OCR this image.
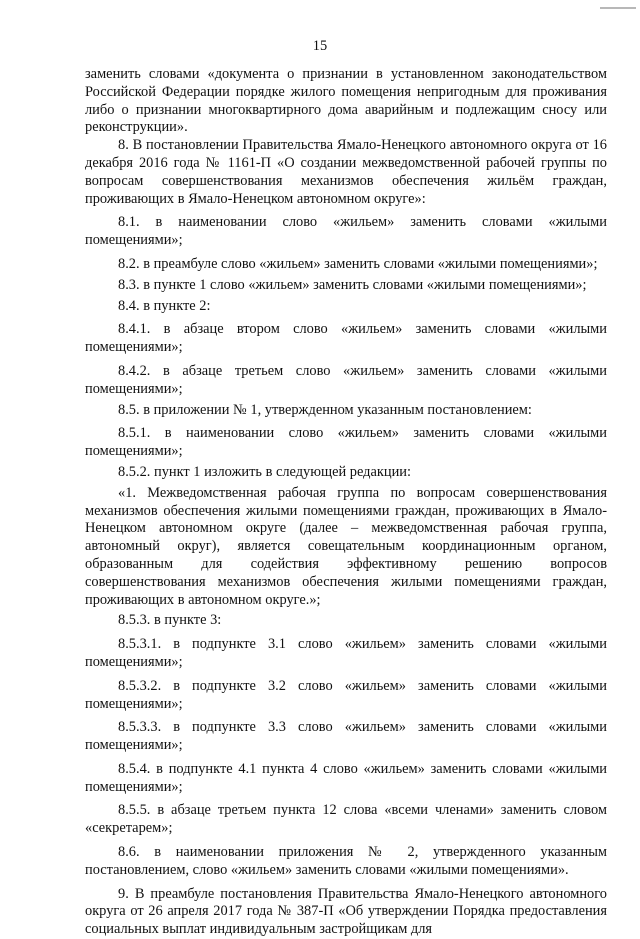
15

заменить словами «документа о признании в установленном законодательством Российской Федерации порядке жилого помещения непригодным для проживания либо о признании многоквартирного дома аварийным и подлежащим сносу или реконструкции».

8. В постановлении Правительства Ямало-Ненецкого автономного округа от 16 декабря 2016 года № 1161-П «О создании межведомственной рабочей группы по вопросам совершенствования механизмов обеспечения жильём граждан, проживающих в Ямало-Ненецком автономном округе»:

8.1. в наименовании слово «жильем» заменить словами «жилыми помещениями»;

8.2. в преамбуле слово «жильем» заменить словами «жилыми помещениями»;

8.3. в пункте 1 слово «жильем» заменить словами «жилыми помещениями»;

8.4. в пункте 2:

8.4.1. в абзаце втором слово «жильем» заменить словами «жилыми помещениями»;

8.4.2. в абзаце третьем слово «жильем» заменить словами «жилыми помещениями»;

8.5. в приложении № 1, утвержденном указанным постановлением:

8.5.1. в наименовании слово «жильем» заменить словами «жилыми помещениями»;

8.5.2. пункт 1 изложить в следующей редакции:

«1. Межведомственная рабочая группа по вопросам совершенствования механизмов обеспечения жилыми помещениями граждан, проживающих в Ямало-Ненецком автономном округе (далее – межведомственная рабочая группа, автономный округ), является совещательным координационным органом, образованным для содействия эффективному решению вопросов совершенствования механизмов обеспечения жилыми помещениями граждан, проживающих в автономном округе.»;

8.5.3. в пункте 3:

8.5.3.1. в подпункте 3.1 слово «жильем» заменить словами «жилыми помещениями»;

8.5.3.2. в подпункте 3.2 слово «жильем» заменить словами «жилыми помещениями»;

8.5.3.3. в подпункте 3.3 слово «жильем» заменить словами «жилыми помещениями»;

8.5.4. в подпункте 4.1 пункта 4 слово «жильем» заменить словами «жилыми помещениями»;

8.5.5. в абзаце третьем пункта 12 слова «всеми членами» заменить словом «секретарем»;

8.6. в наименовании приложения № 2, утвержденного указанным постановлением, слово «жильем» заменить словами «жилыми помещениями».

9. В преамбуле постановления Правительства Ямало-Ненецкого автономного округа от 26 апреля 2017 года № 387-П «Об утверждении Порядка предоставления социальных выплат индивидуальным застройщикам для
